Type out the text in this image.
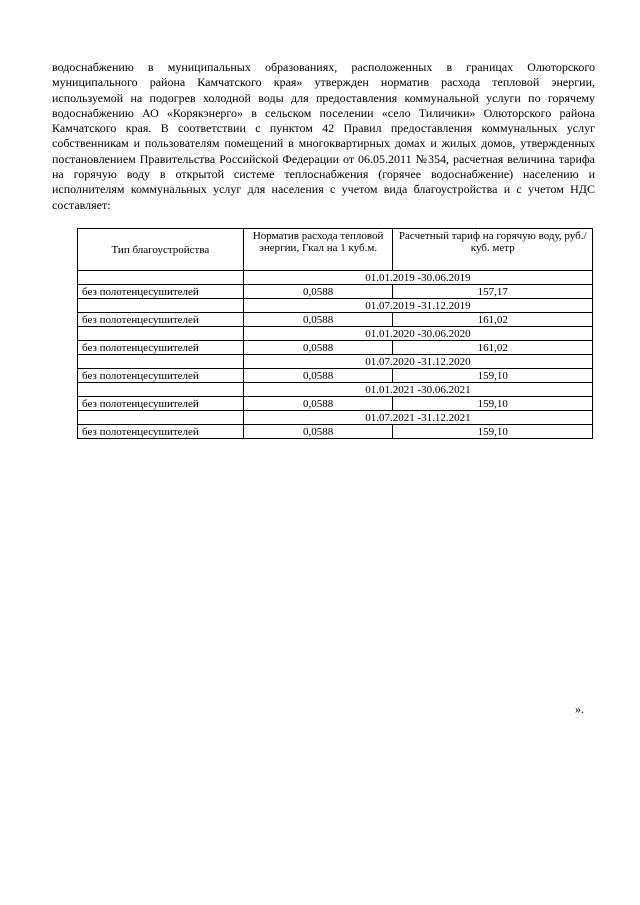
водоснабжению в муниципальных образованиях, расположенных в границах Олюторского муниципального района Камчатского края» утвержден норматив расхода тепловой энергии, используемой на подогрев холодной воды для предоставления коммунальной услуги по горячему водоснабжению АО «Корякэнерго» в сельском поселении «село Тиличики» Олюторского района Камчатского края. В соответствии с пунктом 42 Правил предоставления коммунальных услуг собственникам и пользователям помещений в многоквартирных домах и жилых домов, утвержденных постановлением Правительства Российской Федерации от 06.05.2011 №354, расчетная величина тарифа на горячую воду в открытой системе теплоснабжения (горячее водоснабжение) населению и исполнителям коммунальных услуг для населения с учетом вида благоустройства и с учетом НДС составляет:

Тип благоустройства	Норматив расхода тепловой энергии, Гкал на 1 куб.м.	Расчетный тариф на горячую воду, руб./куб. метр
	01.01.2019 -30.06.2019	
без полотенцесушителей	0,0588	157,17
	01.07.2019 -31.12.2019	
без полотенцесушителей	0,0588	161,02
	01.01.2020 -30.06.2020	
без полотенцесушителей	0,0588	161,02
	01.07.2020 -31.12.2020	
без полотенцесушителей	0,0588	159,10
	01.01.2021 -30.06.2021	
без полотенцесушителей	0,0588	159,10
	01.07.2021 -31.12.2021	
без полотенцесушителей	0,0588	159,10
».
